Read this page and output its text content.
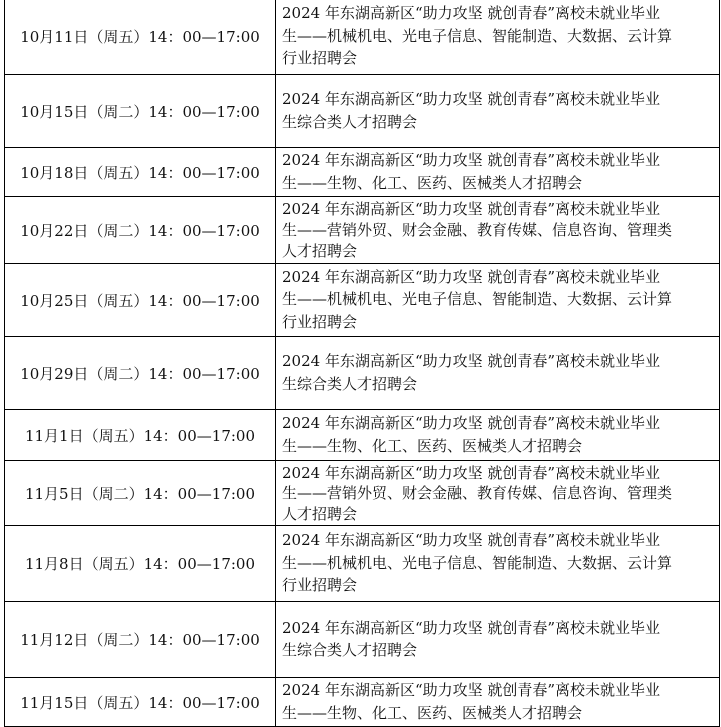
10月11日（周五）14：00—17:00
2024 年东湖高新区“助力攻坚 就创青春”离校未就业毕业
生——机械机电、光电子信息、智能制造、大数据、云计算
行业招聘会
10月15日（周二）14：00—17:00
2024 年东湖高新区“助力攻坚 就创青春”离校未就业毕业
生综合类人才招聘会
10月18日（周五）14：00—17:00
2024 年东湖高新区“助力攻坚 就创青春”离校未就业毕业
生——生物、化工、医药、医械类人才招聘会
10月22日（周二）14：00—17:00
2024 年东湖高新区“助力攻坚 就创青春”离校未就业毕业
生——营销外贸、财会金融、教育传媒、信息咨询、管理类
人才招聘会
10月25日（周五）14：00—17:00
2024 年东湖高新区“助力攻坚 就创青春”离校未就业毕业
生——机械机电、光电子信息、智能制造、大数据、云计算
行业招聘会
10月29日（周二）14：00—17:00
2024 年东湖高新区“助力攻坚 就创青春”离校未就业毕业
生综合类人才招聘会
11月1日（周五）14：00—17:00
2024 年东湖高新区“助力攻坚 就创青春”离校未就业毕业
生——生物、化工、医药、医械类人才招聘会
11月5日（周二）14：00—17:00
2024 年东湖高新区“助力攻坚 就创青春”离校未就业毕业
生——营销外贸、财会金融、教育传媒、信息咨询、管理类
人才招聘会
11月8日（周五）14：00—17:00
2024 年东湖高新区“助力攻坚 就创青春”离校未就业毕业
生——机械机电、光电子信息、智能制造、大数据、云计算
行业招聘会
11月12日（周二）14：00—17:00
2024 年东湖高新区“助力攻坚 就创青春”离校未就业毕业
生综合类人才招聘会
11月15日（周五）14：00—17:00
2024 年东湖高新区“助力攻坚 就创青春”离校未就业毕业
生——生物、化工、医药、医械类人才招聘会
